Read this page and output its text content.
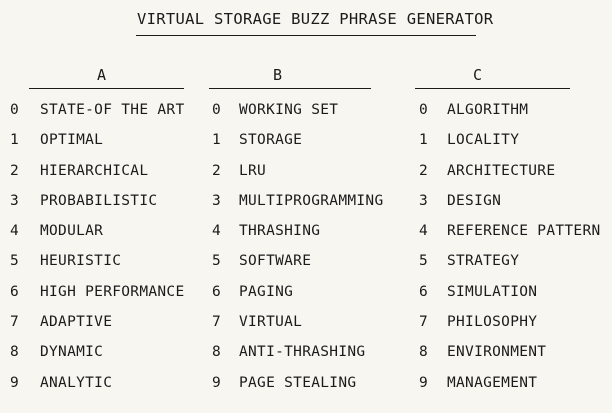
VIRTUAL STORAGE BUZZ PHRASE GENERATOR
A
0 STATE-OF THE ART
1 OPTIMAL
2 HIERARCHICAL
3 PROBABILISTIC
4 MODULAR
5 HEURISTIC
6 HIGH PERFORMANCE
7 ADAPTIVE
8 DYNAMIC
9 ANALYTIC
B
0 WORKING SET
1 STORAGE
2 LRU
3 MULTIPROGRAMMING
4 THRASHING
5 SOFTWARE
6 PAGING
7 VIRTUAL
8 ANTI-THRASHING
9 PAGE STEALING
C
0 ALGORITHM
1 LOCALITY
2 ARCHITECTURE
3 DESIGN
4 REFERENCE PATTERN
5 STRATEGY
6 SIMULATION
7 PHILOSOPHY
8 ENVIRONMENT
9 MANAGEMENT
